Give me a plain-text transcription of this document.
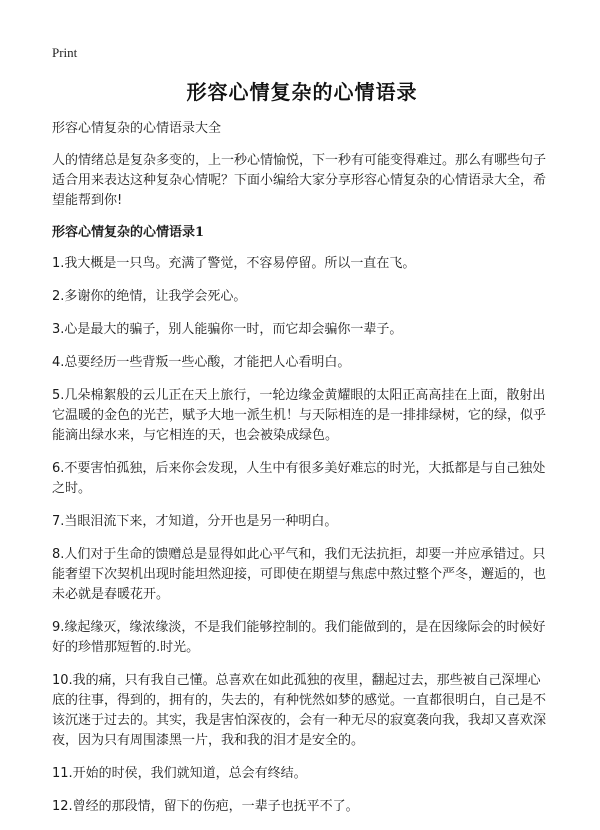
Print
形容心情复杂的心情语录

形容心情复杂的心情语录大全

人的情绪总是复杂多变的，上一秒心情愉悦，下一秒有可能变得难过。那么有哪些句子适合用来表达这种复杂心情呢？下面小编给大家分享形容心情复杂的心情语录大全，希望能帮到你!

形容心情复杂的心情语录1

1.我大概是一只鸟。充满了警觉，不容易停留。所以一直在飞。

2.多谢你的绝情，让我学会死心。

3.心是最大的骗子，别人能骗你一时，而它却会骗你一辈子。

4.总要经历一些背叛一些心酸，才能把人心看明白。

5.几朵棉絮般的云儿正在天上旅行，一轮边缘金黄耀眼的太阳正高高挂在上面，散射出它温暖的金色的光芒，赋予大地一派生机！与天际相连的是一排排绿树，它的绿，似乎能滴出绿水来，与它相连的天，也会被染成绿色。

6.不要害怕孤独，后来你会发现，人生中有很多美好难忘的时光，大抵都是与自己独处之时。

7.当眼泪流下来，才知道，分开也是另一种明白。

8.人们对于生命的馈赠总是显得如此心平气和，我们无法抗拒，却要一并应承错过。只能奢望下次契机出现时能坦然迎接，可即使在期望与焦虑中熬过整个严冬，邂逅的，也未必就是春暖花开。

9.缘起缘灭，缘浓缘淡，不是我们能够控制的。我们能做到的，是在因缘际会的时候好好的珍惜那短暂的.时光。

10.我的痛，只有我自己懂。总喜欢在如此孤独的夜里，翻起过去，那些被自己深埋心底的往事，得到的，拥有的，失去的，有种恍然如梦的感觉。一直都很明白，自己是不该沉迷于过去的。其实，我是害怕深夜的，会有一种无尽的寂寞袭向我，我却又喜欢深夜，因为只有周围漆黑一片，我和我的泪才是安全的。

11.开始的时侯，我们就知道，总会有终结。

12.曾经的那段情，留下的伤疤，一辈子也抚平不了。
